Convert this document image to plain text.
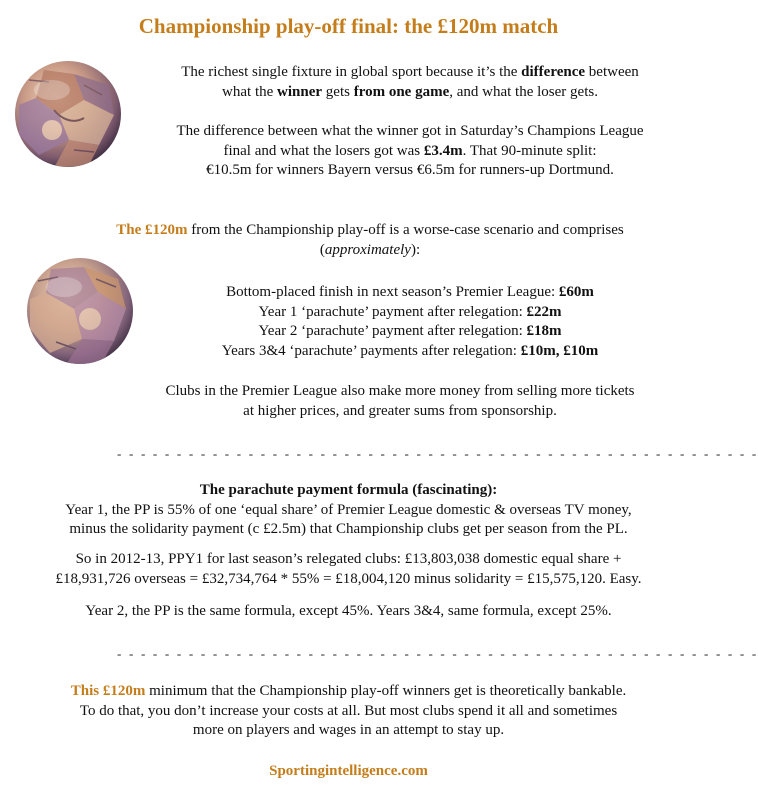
Championship play-off final: the £120m match
The richest single fixture in global sport because it’s the difference between
what the winner gets from one game, and what the loser gets.
The difference between what the winner got in Saturday’s Champions League
final and what the losers got was £3.4m. That 90-minute split:
€10.5m for winners Bayern versus €6.5m for runners-up Dortmund.
The £120m from the Championship play-off is a worse-case scenario and comprises
(approximately):
Bottom-placed finish in next season’s Premier League: £60m
Year 1 ‘parachute’ payment after relegation: £22m
Year 2 ‘parachute’ payment after relegation: £18m
Years 3&4 ‘parachute’ payments after relegation: £10m, £10m
Clubs in the Premier League also make more money from selling more tickets
at higher prices, and greater sums from sponsorship.
- - - - - - - - - - - - - - - - - - - - - - - - - - - - - - - - - - - - - - - - - - - - - - - - - - - - - -
The parachute payment formula (fascinating):
Year 1, the PP is 55% of one ‘equal share’ of Premier League domestic & overseas TV money,
minus the solidarity payment (c £2.5m) that Championship clubs get per season from the PL.
So in 2012-13, PPY1 for last season’s relegated clubs: £13,803,038 domestic equal share +
£18,931,726 overseas = £32,734,764 * 55% = £18,004,120 minus solidarity = £15,575,120. Easy.
Year 2, the PP is the same formula, except 45%. Years 3&4, same formula, except 25%.
- - - - - - - - - - - - - - - - - - - - - - - - - - - - - - - - - - - - - - - - - - - - - - - - - - - - - -
This £120m minimum that the Championship play-off winners get is theoretically bankable.
To do that, you don’t increase your costs at all. But most clubs spend it all and sometimes
more on players and wages in an attempt to stay up.
Sportingintelligence.com
